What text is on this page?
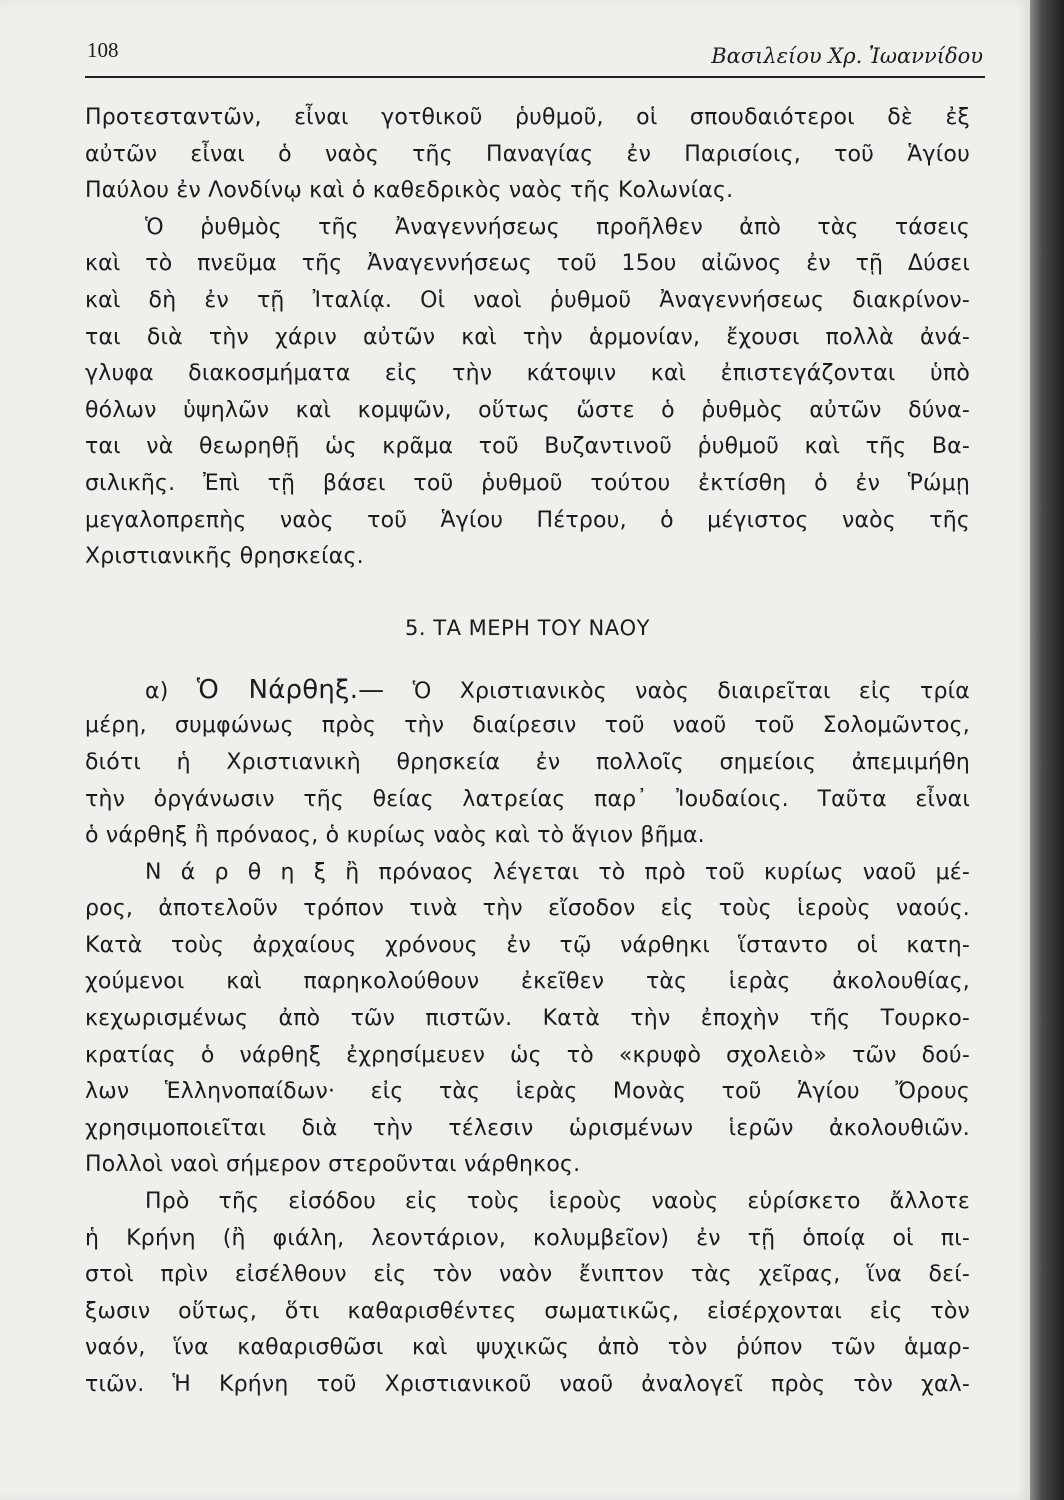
108	Βασιλείου Χρ. Ἰωαννίδου
Προτεσταντῶν, εἶναι γοτθικοῦ ῥυθμοῦ, οἱ σπουδαιότεροι δὲ ἐξ
αὐτῶν εἶναι ὁ ναὸς τῆς Παναγίας ἐν Παρισίοις, τοῦ Ἁγίου
Παύλου ἐν Λονδίνῳ καὶ ὁ καθεδρικὸς ναὸς τῆς Κολωνίας.
Ὁ ῥυθμὸς τῆς Ἀναγεννήσεως προῆλθεν ἀπὸ τὰς τάσεις
καὶ τὸ πνεῦμα τῆς Ἀναγεννήσεως τοῦ 15ου αἰῶνος ἐν τῇ Δύσει
καὶ δὴ ἐν τῇ Ἰταλίᾳ. Οἱ ναοὶ ῥυθμοῦ Ἀναγεννήσεως διακρίνον-
ται διὰ τὴν χάριν αὐτῶν καὶ τὴν ἁρμονίαν, ἔχουσι πολλὰ ἀνά-
γλυφα διακοσμήματα εἰς τὴν κάτοψιν καὶ ἐπιστεγάζονται ὑπὸ
θόλων ὑψηλῶν καὶ κομψῶν, οὕτως ὥστε ὁ ῥυθμὸς αὐτῶν δύνα-
ται νὰ θεωρηθῇ ὡς κρᾶμα τοῦ Βυζαντινοῦ ῥυθμοῦ καὶ τῆς Βα-
σιλικῆς. Ἐπὶ τῇ βάσει τοῦ ῥυθμοῦ τούτου ἐκτίσθη ὁ ἐν Ῥώμῃ
μεγαλοπρεπὴς ναὸς τοῦ Ἁγίου Πέτρου, ὁ μέγιστος ναὸς τῆς
Χριστιανικῆς θρησκείας.
5. ΤΑ ΜΕΡΗ ΤΟΥ ΝΑΟΥ
α) Ὁ Νάρθηξ.— Ὁ Χριστιανικὸς ναὸς διαιρεῖται εἰς τρία
μέρη, συμφώνως πρὸς τὴν διαίρεσιν τοῦ ναοῦ τοῦ Σολομῶντος,
διότι ἡ Χριστιανικὴ θρησκεία ἐν πολλοῖς σημείοις ἀπεμιμήθη
τὴν ὀργάνωσιν τῆς θείας λατρείας παρ᾽ Ἰουδαίοις. Ταῦτα εἶναι
ὁ νάρθηξ ἢ πρόναος, ὁ κυρίως ναὸς καὶ τὸ ἅγιον βῆμα.
Ν ά ρ θ η ξ ἢ πρόναος λέγεται τὸ πρὸ τοῦ κυρίως ναοῦ μέ-
ρος, ἀποτελοῦν τρόπον τινὰ τὴν εἴσοδον εἰς τοὺς ἱεροὺς ναούς.
Κατὰ τοὺς ἀρχαίους χρόνους ἐν τῷ νάρθηκι ἵσταντο οἱ κατη-
χούμενοι καὶ παρηκολούθουν ἐκεῖθεν τὰς ἱερὰς ἀκολουθίας,
κεχωρισμένως ἀπὸ τῶν πιστῶν. Κατὰ τὴν ἐποχὴν τῆς Τουρκο-
κρατίας ὁ νάρθηξ ἐχρησίμευεν ὡς τὸ «κρυφὸ σχολειὸ» τῶν δού-
λων Ἑλληνοπαίδων· εἰς τὰς ἱερὰς Μονὰς τοῦ Ἁγίου Ὄρους
χρησιμοποιεῖται διὰ τὴν τέλεσιν ὡρισμένων ἱερῶν ἀκολουθιῶν.
Πολλοὶ ναοὶ σήμερον στεροῦνται νάρθηκος.
Πρὸ τῆς εἰσόδου εἰς τοὺς ἱεροὺς ναοὺς εὑρίσκετο ἄλλοτε
ἡ Κρήνη (ἢ φιάλη, λεοντάριον, κολυμβεῖον) ἐν τῇ ὁποίᾳ οἱ πι-
στοὶ πρὶν εἰσέλθουν εἰς τὸν ναὸν ἔνιπτον τὰς χεῖρας, ἵνα δεί-
ξωσιν οὕτως, ὅτι καθαρισθέντες σωματικῶς, εἰσέρχονται εἰς τὸν
ναόν, ἵνα καθαρισθῶσι καὶ ψυχικῶς ἀπὸ τὸν ῥύπον τῶν ἁμαρ-
τιῶν. Ἡ Κρήνη τοῦ Χριστιανικοῦ ναοῦ ἀναλογεῖ πρὸς τὸν χαλ-
